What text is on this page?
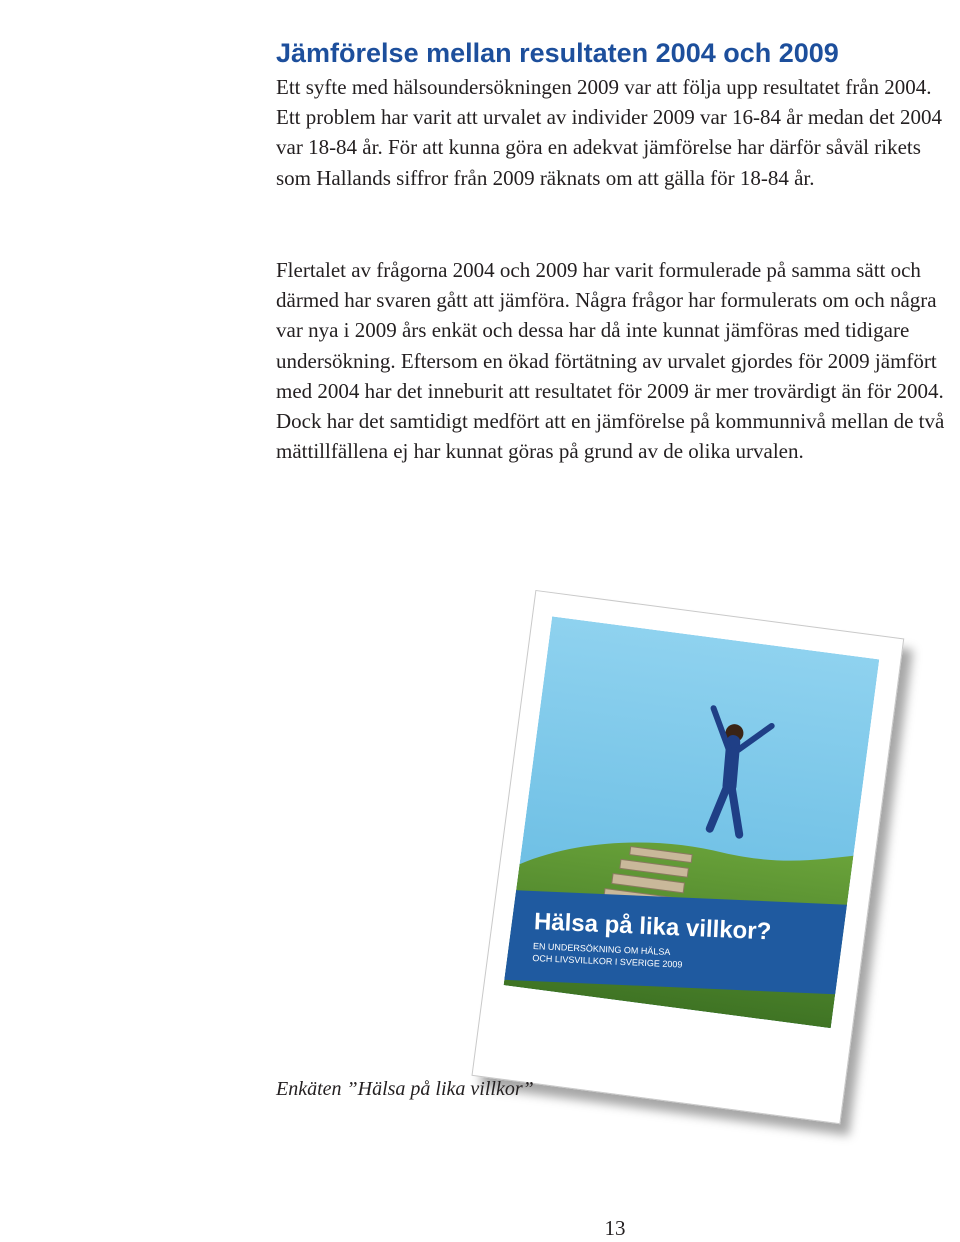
Jämförelse mellan resultaten 2004 och 2009

Ett syfte med hälsoundersökningen 2009 var att följa upp resultatet från 2004. Ett problem har varit att urvalet av individer 2009 var 16-84 år medan det 2004 var 18-84 år. För att kunna göra en adekvat jämförelse har därför såväl rikets som Hallands siffror från 2009 räknats om att gälla för 18-84 år.

Flertalet av frågorna 2004 och 2009 har varit formulerade på samma sätt och därmed har svaren gått att jämföra. Några frågor har formulerats om och några var nya i 2009 års enkät och dessa har då inte kunnat jämföras med tidigare undersökning. Eftersom en ökad förtätning av urvalet gjordes för 2009 jämfört med 2004 har det inneburit att resultatet för 2009 är mer trovärdigt än för 2004. Dock har det samtidigt medfört att en jämförelse på kommunnivå mellan de två mättillfällena ej har kunnat göras på grund av de olika urvalen.

Hälsa på lika villkor?
EN UNDERSÖKNING OM HÄLSA
OCH LIVSVILLKOR I SVERIGE 2009

Enkäten ”Hälsa på lika villkor”

13
